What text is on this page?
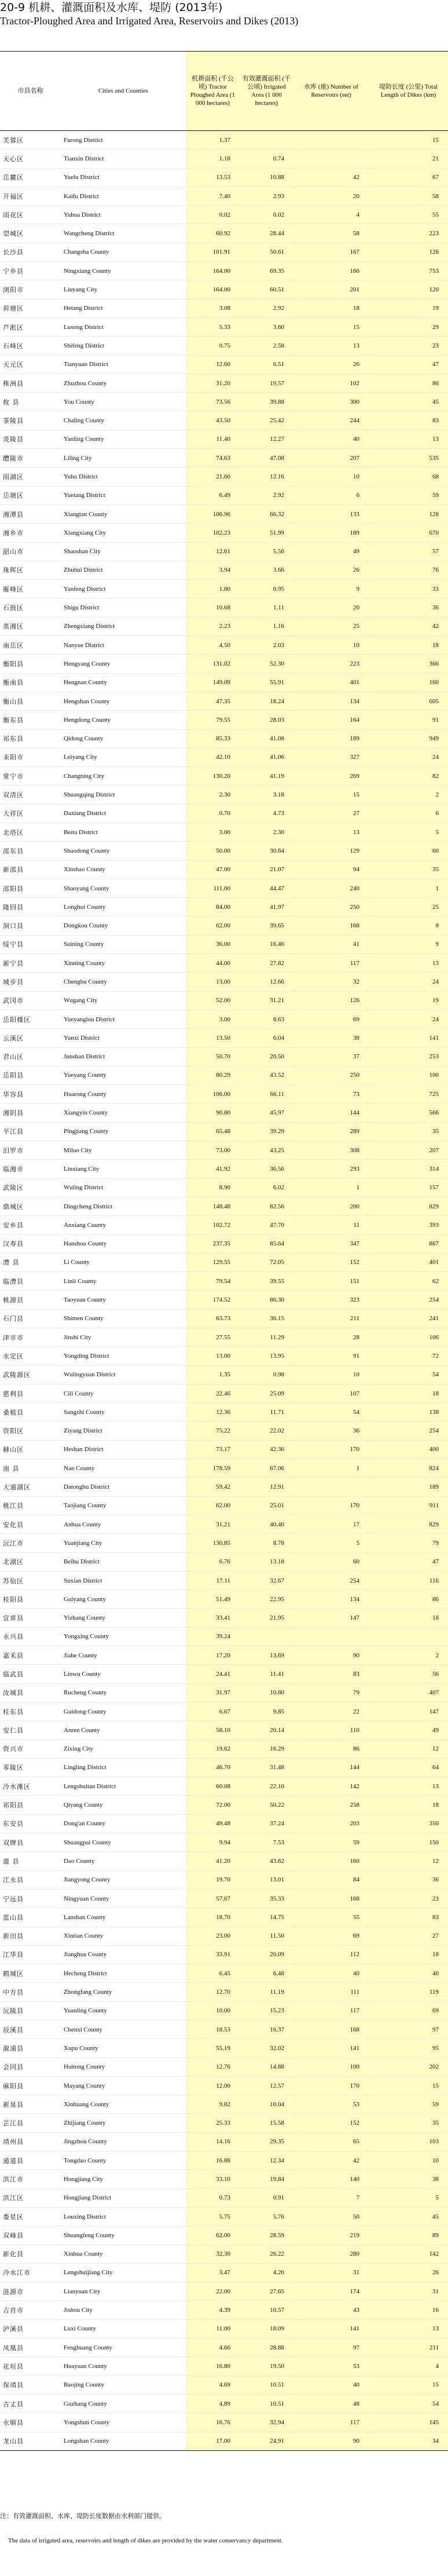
20-9 机耕、灌溉面积及水库、堤防 (2013年)
Tractor-Ploughed Area and Irrigated Area, Reservoirs and Dikes (2013)
市县名称	Cities and Counties	机耕面积 (千公顷) Tractor Ploughed Area (1 000 hectares)	有效灌溉面积 (千公顷) Irrigated Area (1 000 hectares)	水库 (座) Number of Reservoirs (set)	堤防长度 (公里) Total Length of Dikes (km)
芙蓉区	Furong District	1.37			15
天心区	Tianxin District	1.18	0.74		21
岳麓区	Yuelu District	13.53	10.88	42	67
开福区	Kaifu District	7.40	2.93	20	58
雨花区	Yuhua District	0.02	0.02	4	55
望城区	Wangcheng District	60.92	28.44	58	223
长沙县	Changsha County	101.91	50.61	167	126
宁乡县	Ningxiang County	164.00	69.35	166	753
浏阳市	Liuyang City	164.00	60.51	201	120
荷塘区	Hetang District	3.08	2.92	18	19
芦淞区	Lusong District	5.33	3.60	15	29
石峰区	Shifeng District	0.75	2.58	13	23
天元区	Tianyuan District	12.60	6.51	26	47
株洲县	Zhuzhou County	31.20	19.57	102	86
攸 县	You County	73.56	39.88	300	45
茶陵县	Chaling County	43.50	25.42	244	83
炎陵县	Yanling County	11.40	12.27	40	13
醴陵市	Liling City	74.63	47.08	207	535
雨湖区	Yuhu District	21.60	12.16	10	68
岳塘区	Yuetang District	6.49	2.92	6	59
湘潭县	Xiangtan County	106.96	66.32	133	128
湘乡市	Xiangxiang City	102.23	51.99	189	670
韶山市	Shaoshan City	12.61	5.56	49	57
珠晖区	Zhuhui District	3.94	3.66	26	76
雁峰区	Yanfeng District	1.80	0.95	9	33
石鼓区	Shigu District	10.68	1.11	20	36
蒸湘区	Zhengxiang District	2.23	1.16	25	42
南岳区	Nanyue District	4.50	2.03	10	18
衡阳县	Hengyang County	131.02	52.30	223	366
衡南县	Hengnan County	149.09	55.91	401	160
衡山县	Hengshan County	47.35	18.24	134	605
衡东县	Hengdong County	79.55	28.03	164	91
祁东县	Qidong County	85.33	41.08	189	949
耒阳市	Leiyang City	42.10	41.06	327	24
常宁市	Changning City	130.20	41.19	269	82
双清区	Shuangqing District	2.30	3.18	15	2
大祥区	Daxiang District	0.70	4.73	27	6
北塔区	Beita District	3.00	2.30	13	5
邵东县	Shaodong County	50.00	30.64	129	60
新邵县	Xinshao County	47.00	21.07	94	35
邵阳县	Shaoyang County	111.00	44.47	240	1
隆回县	Longhui County	84.00	41.97	250	25
洞口县	Dongkou County	62.00	39.65	168	8
绥宁县	Suining County	36.00	16.46	41	9
新宁县	Xinning County	44.00	27.82	117	13
城步县	Chengbu County	13.00	12.66	32	24
武冈市	Wugang City	52.00	31.21	126	19
岳阳楼区	Yueyanglou District	3.00	8.63	69	24
云溪区	Yunxi District	13.50	6.04	38	141
君山区	Junshan District	50.70	20.50	37	253
岳阳县	Yueyang County	80.29	43.52	250	100
华容县	Huarong County	106.00	66.11	73	725
湘阴县	Xiangyin County	90.80	45.97	144	566
平江县	Pingjiang County	65.48	39.29	289	35
汨罗市	Miluo City	73.00	43.25	308	207
临湘市	Linxiang City	41.92	36.56	293	314
武陵区	Wuling District	8.90	6.02	1	157
鼎城区	Dingcheng District	148.48	82.56	200	829
安乡县	Anxiang County	102.72	47.70	11	393
汉寿县	Hanshou County	237.35	85.64	347	867
澧 县	Li County	129.55	72.05	152	401
临澧县	Linli County	79.54	39.55	151	62
桃源县	Taoyuan County	174.52	86.30	323	254
石门县	Shimen County	63.73	36.15	211	241
津市市	Jinshi City	27.55	11.29	28	106
永定区	Yongding District	13.00	13.95	91	72
武陵源区	Wulingyuan District	1.35	0.98	10	54
慈利县	Cili County	22.46	25.09	107	18
桑植县	Sangzhi County	12.36	11.71	54	138
资阳区	Ziyang District	75.22	22.02	36	254
赫山区	Heshan District	73.17	42.36	170	400
南 县	Nan County	178.59	67.06	1	824
大通湖区	Datonghu District	59.42	12.91		189
桃江县	Taojiang County	62.00	25.01	170	911
安化县	Anhua County	31.21	40.40	17	829
沅江市	Yuanjiang City	130.85	8.78	5	79
北湖区	Beihu District	6.76	13.18	60	47
苏仙区	Suxian District	17.11	32.67	254	116
桂阳县	Guiyang County	51.49	22.95	134	86
宜章县	Yizhang County	33.41	21.95	147	18
永兴县	Yongxing County	39.24			
嘉禾县	Jiahe County	17.20	13.69	90	2
临武县	Linwu County	24.41	11.41	83	56
汝城县	Rucheng County	31.97	10.80	79	407
桂东县	Guidong County	6.67	9.85	22	147
安仁县	Anren County	58.10	20.14	110	49
资兴市	Zixing City	19.62	16.29	86	12
零陵区	Lingling District	46.70	31.48	144	64
冷水滩区	Lengshuitan District	60.08	22.10	142	13
祁阳县	Qiyang County	72.00	50.22	258	18
东安县	Dong'an County	49.48	37.24	203	350
双牌县	Shuangpai County	9.94	7.53	59	150
道 县	Dao County	41.20	43.62	160	12
江永县	Jiangyong County	19.70	13.01	84	36
宁远县	Ningyuan County	57.67	35.33	168	23
蓝山县	Lanshan County	18.70	14.75	55	83
新田县	Xintian County	23.00	11.50	69	27
江华县	Jianghua County	33.91	20.09	112	18
鹤城区	Hecheng District	6.45	6.48	40	40
中方县	Zhongfang County	12.70	11.19	111	119
沅陵县	Yuanling County	10.00	15.23	117	69
辰溪县	Chenxi County	18.53	16.37	168	97
溆浦县	Xupu County	55.19	32.02	141	95
会同县	Huitong County	12.76	14.88	100	202
麻阳县	Mayang County	12.00	12.57	170	15
新晃县	Xinhuang County	9.82	10.04	53	59
芷江县	Zhijiang County	25.33	15.58	152	35
靖州县	Jingzhou County	14.16	29.35	65	103
通道县	Tongdao County	16.88	12.34	42	10
洪江市	Hongjiang City	33.10	19.84	140	38
洪江区	Hongjiang District	0.73	0.91	7	5
娄星区	Louxing District	5.75	5.76	50	45
双峰县	Shuangfeng County	62.00	28.59	219	89
新化县	Xinhua County	32.30	26.22	280	142
冷水江市	Lengshuijiang City	3.47	4.20	31	26
涟源市	Lianyuan City	22.00	27.65	174	31
吉首市	Jishou City	4.39	10.57	43	16
泸溪县	Luxi County	11.00	18.09	141	13
凤凰县	Fenghuang County	4.66	28.88	97	211
花垣县	Huayuan County	16.80	19.50	53	4
保靖县	Baojing County	4.69	10.51	40	15
古丈县	Guzhang County	4.89	10.51	48	54
永顺县	Yongshun County	16.76	32.94	117	145
龙山县	Longshan County	17.00	24.91	90	34
注：有效灌溉面积、水库、堤防长度数据由水利部门提供。
The data of irrigated area, reservoirs and length of dikes are provided by the water conservancy department.
